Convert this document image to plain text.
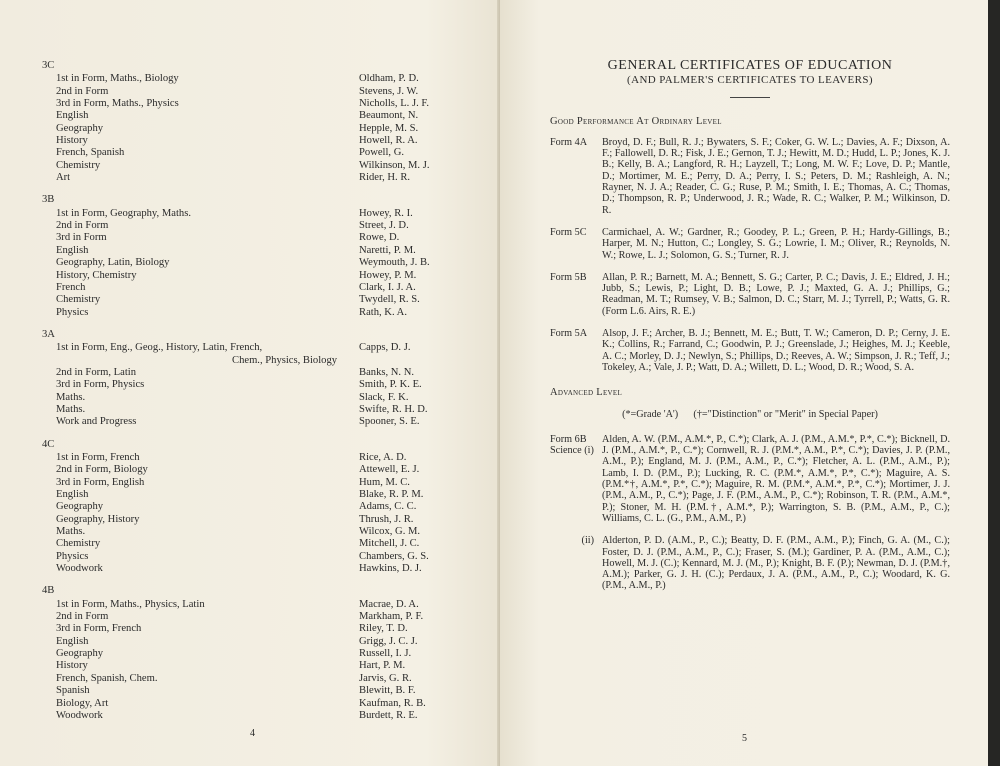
3C
1st in Form, Maths., Biology	Oldham, P. D.
2nd in Form	Stevens, J. W.
3rd in Form, Maths., Physics	Nicholls, L. J. F.
English	Beaumont, N.
Geography	Hepple, M. S.
History	Howell, R. A.
French, Spanish	Powell, G.
Chemistry	Wilkinson, M. J.
Art	Rider, H. R.
3B
1st in Form, Geography, Maths.	Howey, R. I.
2nd in Form	Street, J. D.
3rd in Form	Rowe, D.
English	Naretti, P. M.
Geography, Latin, Biology	Weymouth, J. B.
History, Chemistry	Howey, P. M.
French	Clark, I. J. A.
Chemistry	Twydell, R. S.
Physics	Rath, K. A.
3A
1st in Form, Eng., Geog., History, Latin, French,	Capps, D. J.
Chem., Physics, Biology
2nd in Form, Latin	Banks, N. N.
3rd in Form, Physics	Smith, P. K. E.
Maths.	Slack, F. K.
Maths.	Swifte, R. H. D.
Work and Progress	Spooner, S. E.
4C
1st in Form, French	Rice, A. D.
2nd in Form, Biology	Attewell, E. J.
3rd in Form, English	Hum, M. C.
English	Blake, R. P. M.
Geography	Adams, C. C.
Geography, History	Thrush, J. R.
Maths.	Wilcox, G. M.
Chemistry	Mitchell, J. C.
Physics	Chambers, G. S.
Woodwork	Hawkins, D. J.
4B
1st in Form, Maths., Physics, Latin	Macrae, D. A.
2nd in Form	Markham, P. F.
3rd in Form, French	Riley, T. D.
English	Grigg, J. C. J.
Geography	Russell, I. J.
History	Hart, P. M.
French, Spanish, Chem.	Jarvis, G. R.
Spanish	Blewitt, B. F.
Biology, Art	Kaufman, R. B.
Woodwork	Burdett, R. E.
4
GENERAL CERTIFICATES OF EDUCATION
(AND PALMER'S CERTIFICATES TO LEAVERS)
Good Performance At Ordinary Level
Form 4A	Broyd, D. F.; Bull, R. J.; Bywaters, S. F.; Coker, G. W. L.; Davies, A. F.; Dixson, A. F.; Fallowell, D. R.; Fisk, J. E.; Gernon, T. J.; Hewitt, M. D.; Hudd, L. P.; Jones, K. J. B.; Kelly, B. A.; Langford, R. H.; Layzell, T.; Long, M. W. F.; Love, D. P.; Mantle, D.; Mortimer, M. E.; Perry, D. A.; Perry, I. S.; Peters, D. M.; Rashleigh, A. N.; Rayner, N. J. A.; Reader, C. G.; Ruse, P. M.; Smith, I. E.; Thomas, A. C.; Thomas, D.; Thompson, R. P.; Underwood, J. R.; Wade, R. C.; Walker, P. M.; Wilkinson, D. R.
Form 5C	Carmichael, A. W.; Gardner, R.; Goodey, P. L.; Green, P. H.; Hardy-Gillings, B.; Harper, M. N.; Hutton, C.; Longley, S. G.; Lowrie, I. M.; Oliver, R.; Reynolds, N. W.; Rowe, L. J.; Solomon, G. S.; Turner, R. J.
Form 5B	Allan, P. R.; Barnett, M. A.; Bennett, S. G.; Carter, P. C.; Davis, J. E.; Eldred, J. H.; Jubb, S.; Lewis, P.; Light, D. B.; Lowe, P. J.; Maxted, G. A. J.; Phillips, G.; Readman, M. T.; Rumsey, V. B.; Salmon, D. C.; Starr, M. J.; Tyrrell, P.; Watts, G. R. (Form L.6. Airs, R. E.)
Form 5A	Alsop, J. F.; Archer, B. J.; Bennett, M. E.; Butt, T. W.; Cameron, D. P.; Cerny, J. E. K.; Collins, R.; Farrand, C.; Goodwin, P. J.; Greenslade, J.; Heighes, M. J.; Keeble, A. C.; Morley, D. J.; Newlyn, S.; Phillips, D.; Reeves, A. W.; Simpson, J. R.; Teff, J.; Tokeley, A.; Vale, J. P.; Watt, D. A.; Willett, D. L.; Wood, D. R.; Wood, S. A.
Advanced Level
(*=Grade 'A')      (†="Distinction" or "Merit" in Special Paper)
Form 6B
Science (i)
Alden, A. W. (P.M., A.M.*, P., C.*); Clark, A. J. (P.M., A.M.*, P.*, C.*); Bicknell, D. J. (P.M., A.M.*, P., C.*); Cornwell, R. J. (P.M.*, A.M., P.*, C.*); Davies, J. P. (P.M., A.M., P.); England, M. J. (P.M., A.M., P., C.*); Fletcher, A. L. (P.M., A.M., P.); Lamb, I. D. (P.M., P.); Lucking, R. C. (P.M.*, A.M.*, P.*, C.*); Maguire, A. S. (P.M.*†, A.M.*, P.*, C.*); Maguire, R. M. (P.M.*, A.M.*, P.*, C.*); Mortimer, J. J. (P.M., A.M., P., C.*); Page, J. F. (P.M., A.M., P., C.*); Robinson, T. R. (P.M., A.M.*, P.); Stoner, M. H. (P.M.†, A.M.*, P.); Warrington, S. B. (P.M., A.M., P., C.); Williams, C. L. (G., P.M., A.M., P.)
(ii) Alderton, P. D. (A.M., P., C.); Beatty, D. F. (P.M., A.M., P.); Finch, G. A. (M., C.); Foster, D. J. (P.M., A.M., P., C.); Fraser, S. (M.); Gardiner, P. A. (P.M., A.M., C.); Howell, M. J. (C.); Kennard, M. J. (M., P.); Knight, B. F. (P.); Newman, D. J. (P.M.†, A.M.); Parker, G. J. H. (C.); Perdaux, J. A. (P.M., A.M., P., C.); Woodard, K. G. (P.M., A.M., P.)
5
